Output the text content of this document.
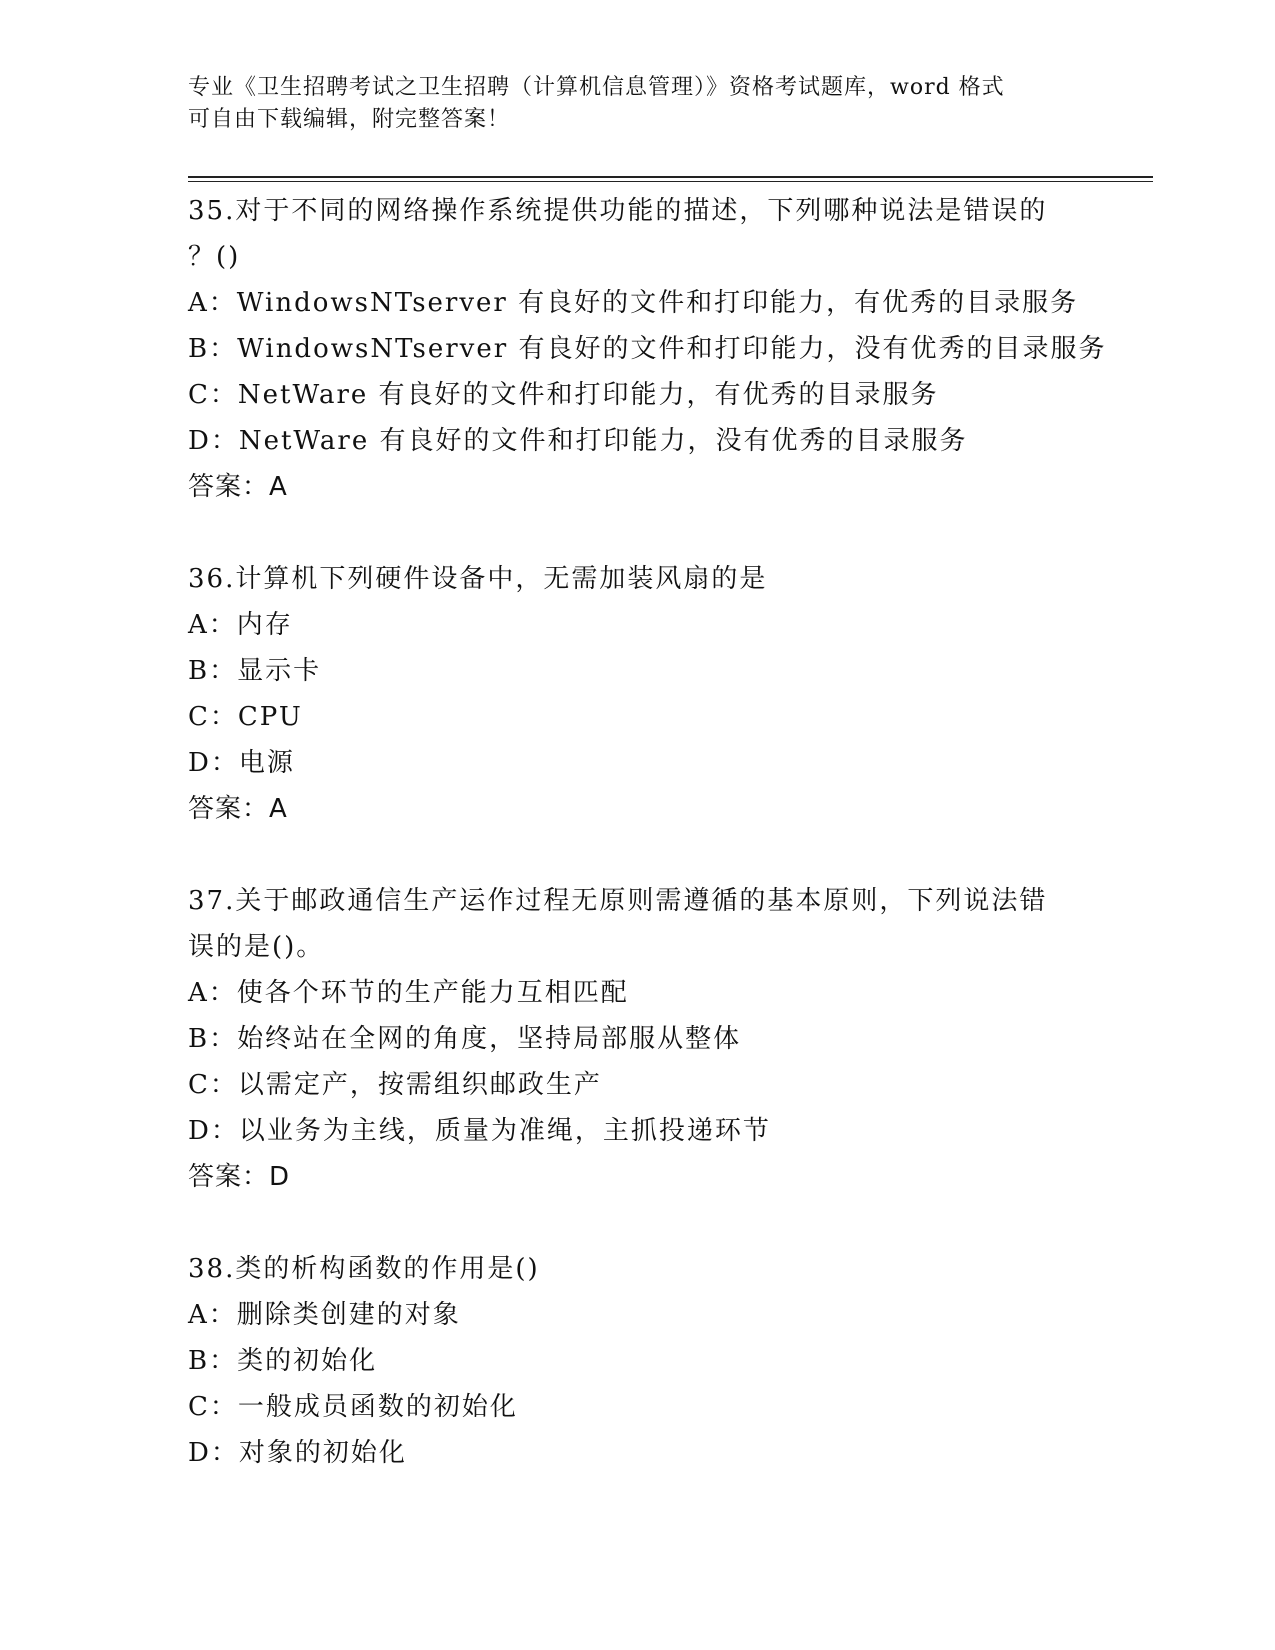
专业《卫生招聘考试之卫生招聘（计算机信息管理）》资格考试题库，word 格式
可自由下载编辑，附完整答案！
35.对于不同的网络操作系统提供功能的描述，下列哪种说法是错误的
？()
A：WindowsNTserver 有良好的文件和打印能力，有优秀的目录服务
B：WindowsNTserver 有良好的文件和打印能力，没有优秀的目录服务
C：NetWare 有良好的文件和打印能力，有优秀的目录服务
D：NetWare 有良好的文件和打印能力，没有优秀的目录服务
答案：A
36.计算机下列硬件设备中，无需加装风扇的是
A：内存
B：显示卡
C：CPU
D：电源
答案：A
37.关于邮政通信生产运作过程无原则需遵循的基本原则，下列说法错
误的是()。
A：使各个环节的生产能力互相匹配
B：始终站在全网的角度，坚持局部服从整体
C：以需定产，按需组织邮政生产
D：以业务为主线，质量为准绳，主抓投递环节
答案：D
38.类的析构函数的作用是()
A：删除类创建的对象
B：类的初始化
C：一般成员函数的初始化
D：对象的初始化
